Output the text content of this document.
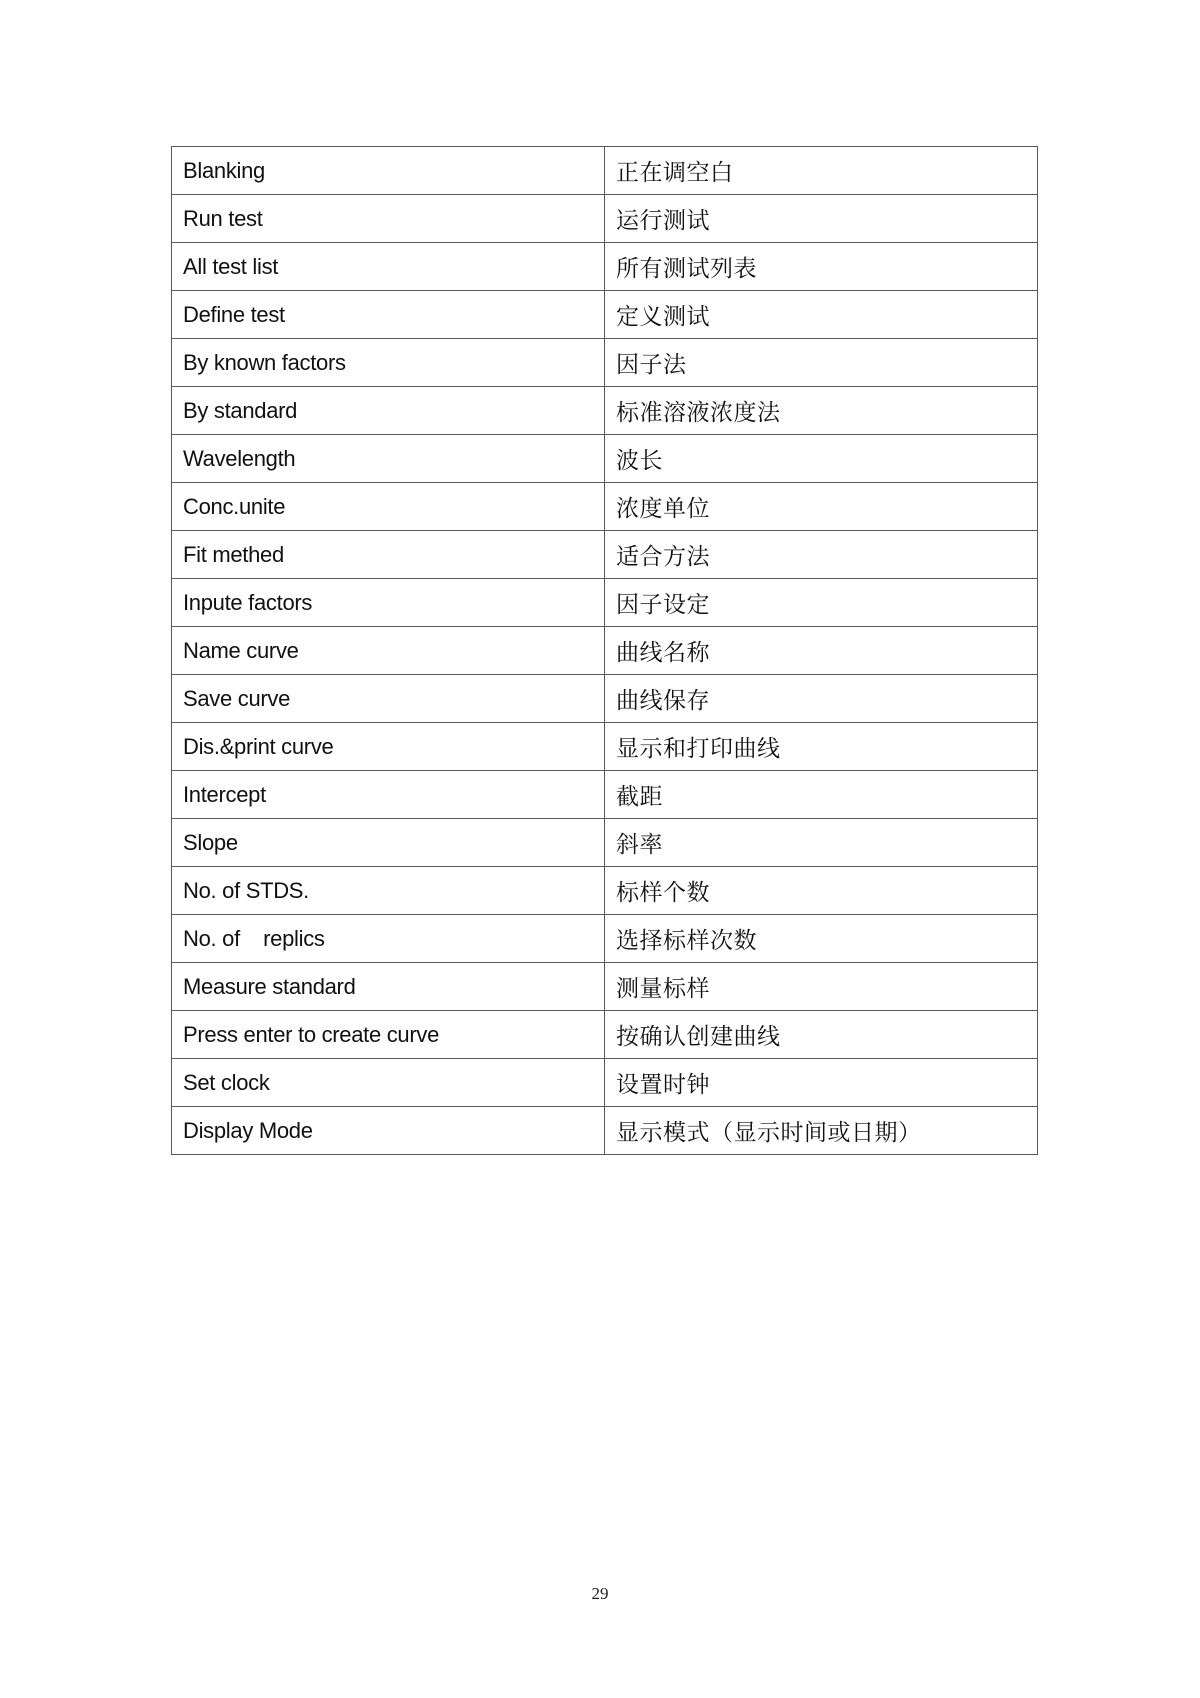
Blanking	正在调空白
Run test	运行测试
All test list	所有测试列表
Define test	定义测试
By known factors	因子法
By standard	标准溶液浓度法
Wavelength	波长
Conc.unite	浓度单位
Fit methed	适合方法
Inpute factors	因子设定
Name curve	曲线名称
Save curve	曲线保存
Dis.&print curve	显示和打印曲线
Intercept	截距
Slope	斜率
No. of STDS.	标样个数
No. of    replics	选择标样次数
Measure standard	测量标样
Press enter to create curve	按确认创建曲线
Set clock	设置时钟
Display Mode	显示模式（显示时间或日期）
29
